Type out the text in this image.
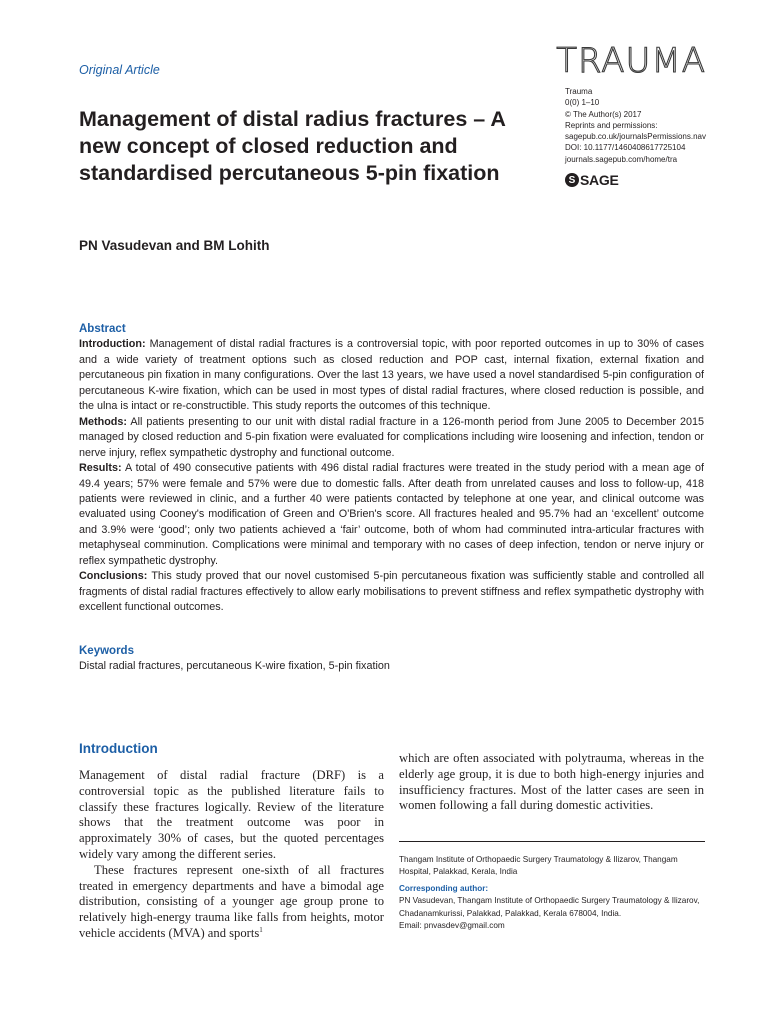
Original Article	TRAUMA
Trauma
0(0) 1–10
© The Author(s) 2017
Reprints and permissions:
sagepub.co.uk/journalsPermissions.nav
DOI: 10.1177/1460408617725104
journals.sagepub.com/home/tra
S SAGE
Management of distal radius fractures – A new concept of closed reduction and standardised percutaneous 5-pin fixation
PN Vasudevan and BM Lohith
Abstract

Introduction: Management of distal radial fractures is a controversial topic, with poor reported outcomes in up to 30% of cases and a wide variety of treatment options such as closed reduction and POP cast, internal fixation, external fixation and percutaneous pin fixation in many configurations. Over the last 13 years, we have used a novel standardised 5-pin configuration of percutaneous K-wire fixation, which can be used in most types of distal radial fractures, where closed reduction is possible, and the ulna is intact or re-constructible. This study reports the outcomes of this technique.

Methods: All patients presenting to our unit with distal radial fracture in a 126-month period from June 2005 to December 2015 managed by closed reduction and 5-pin fixation were evaluated for complications including wire loosening and infection, tendon or nerve injury, reflex sympathetic dystrophy and functional outcome.

Results: A total of 490 consecutive patients with 496 distal radial fractures were treated in the study period with a mean age of 49.4 years; 57% were female and 57% were due to domestic falls. After death from unrelated causes and loss to follow-up, 418 patients were reviewed in clinic, and a further 40 were patients contacted by telephone at one year, and clinical outcome was evaluated using Cooney's modification of Green and O'Brien's score. All fractures healed and 95.7% had an ‘excellent’ outcome and 3.9% were ‘good’; only two patients achieved a ‘fair’ outcome, both of whom had comminuted intra-articular fractures with metaphyseal comminution. Complications were minimal and temporary with no cases of deep infection, tendon or nerve injury or reflex sympathetic dystrophy.

Conclusions: This study proved that our novel customised 5-pin percutaneous fixation was sufficiently stable and controlled all fragments of distal radial fractures effectively to allow early mobilisations to prevent stiffness and reflex sympathetic dystrophy with excellent functional outcomes.

Keywords
Distal radial fractures, percutaneous K-wire fixation, 5-pin fixation
Introduction

Management of distal radial fracture (DRF) is a controversial topic as the published literature fails to classify these fractures logically. Review of the literature shows that the treatment outcome was poor in approximately 30% of cases, but the quoted percentages widely vary among the different series.

These fractures represent one-sixth of all fractures treated in emergency departments and have a bimodal age distribution, consisting of a younger age group prone to relatively high-energy trauma like falls from heights, motor vehicle accidents (MVA) and sports$^1$

which are often associated with polytrauma, whereas in the elderly age group, it is due to both high-energy injuries and insufficiency fractures. Most of the latter cases are seen in women following a fall during domestic activities.

Thangam Institute of Orthopaedic Surgery Traumatology & Ilizarov, Thangam Hospital, Palakkad, Kerala, India

Corresponding author:

PN Vasudevan, Thangam Institute of Orthopaedic Surgery Traumatology & Ilizarov, Chadanamkurissi, Palakkad, Palakkad, Kerala 678004, India.

Email: pnvasdev@gmail.com
